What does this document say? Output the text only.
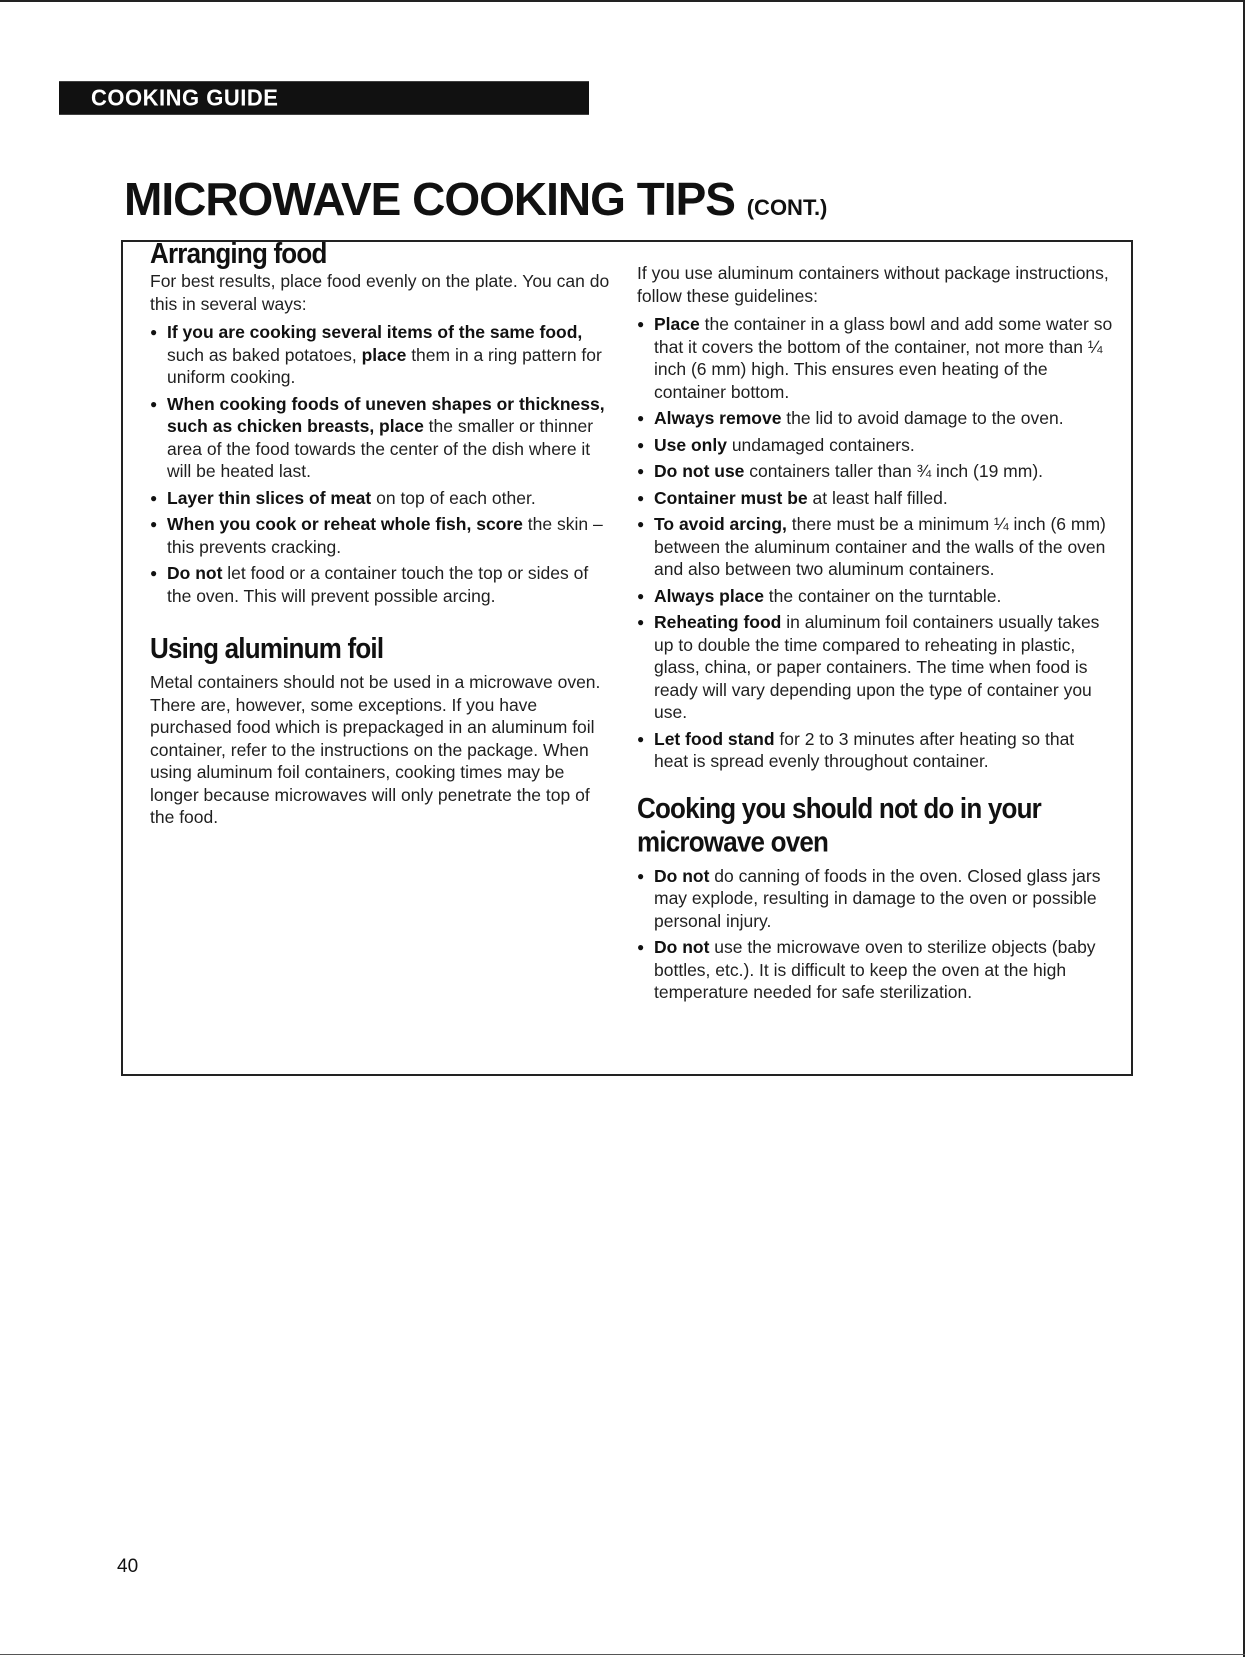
COOKING GUIDE
MICROWAVE COOKING TIPS (CONT.)
Arranging food

For best results, place food evenly on the plate. You can do this in several ways:

● If you are cooking several items of the same food, such as baked potatoes, place them in a ring pattern for uniform cooking.
● When cooking foods of uneven shapes or thickness, such as chicken breasts, place the smaller or thinner area of the food towards the center of the dish where it will be heated last.
● Layer thin slices of meat on top of each other.
● When you cook or reheat whole fish, score the skin – this prevents cracking.
● Do not let food or a container touch the top or sides of the oven. This will prevent possible arcing.
Using aluminum foil

Metal containers should not be used in a microwave oven. There are, however, some exceptions. If you have purchased food which is prepackaged in an aluminum foil container, refer to the instructions on the package. When using aluminum foil containers, cooking times may be longer because microwaves will only penetrate the top of the food.

If you use aluminum containers without package instructions, follow these guidelines:

● Place the container in a glass bowl and add some water so that it covers the bottom of the container, not more than ¼ inch (6 mm) high. This ensures even heating of the container bottom.
● Always remove the lid to avoid damage to the oven.
● Use only undamaged containers.
● Do not use containers taller than ¾ inch (19 mm).
● Container must be at least half filled.
● To avoid arcing, there must be a minimum ¼ inch (6 mm) between the aluminum container and the walls of the oven and also between two aluminum containers.
● Always place the container on the turntable.
● Reheating food in aluminum foil containers usually takes up to double the time compared to reheating in plastic, glass, china, or paper containers. The time when food is ready will vary depending upon the type of container you use.
● Let food stand for 2 to 3 minutes after heating so that heat is spread evenly throughout container.
Cooking you should not do in your microwave oven
● Do not do canning of foods in the oven. Closed glass jars may explode, resulting in damage to the oven or possible personal injury.
● Do not use the microwave oven to sterilize objects (baby bottles, etc.). It is difficult to keep the oven at the high temperature needed for safe sterilization.
40
